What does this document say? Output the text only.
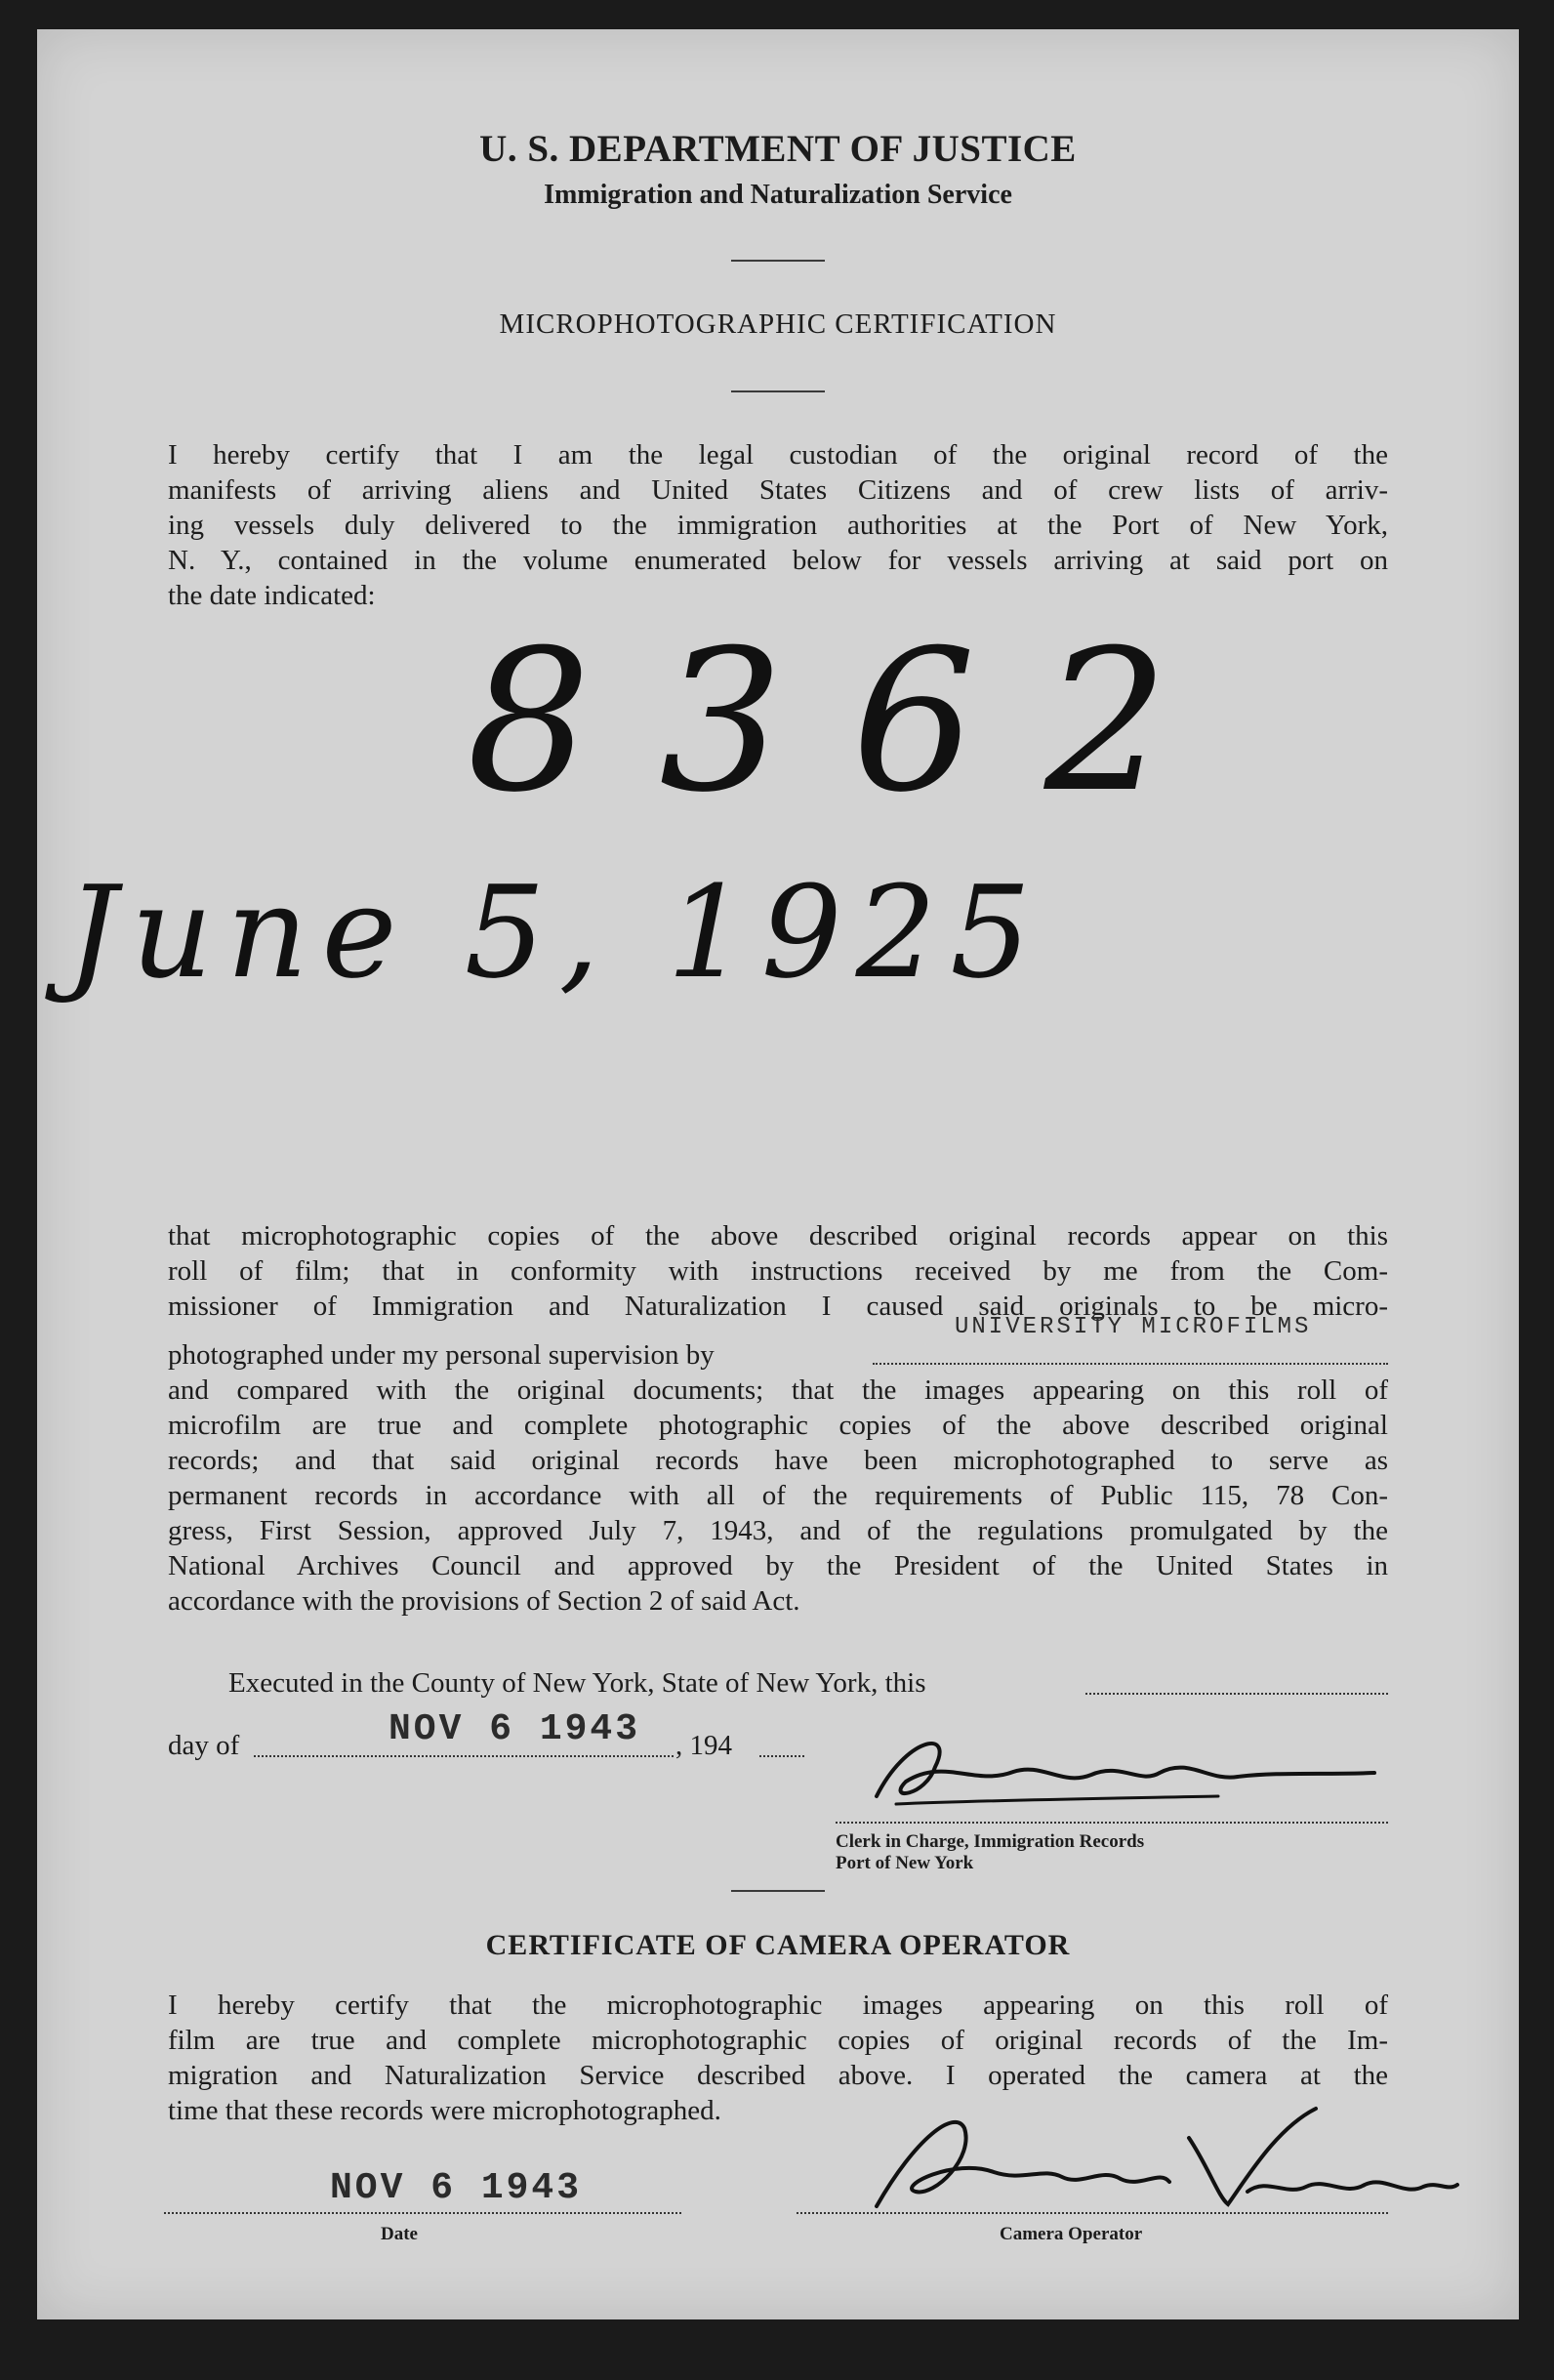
U. S. DEPARTMENT OF JUSTICE
Immigration and Naturalization Service
MICROPHOTOGRAPHIC CERTIFICATION
I hereby certify that I am the legal custodian of the original record of the
manifests of arriving aliens and United States Citizens and of crew lists of arriv-
ing vessels duly delivered to the immigration authorities at the Port of New York,
N. Y., contained in the volume enumerated below for vessels arriving at said port on
the date indicated:
8362
June 5, 1925
that microphotographic copies of the above described original records appear on this
roll of film; that in conformity with instructions received by me from the Com-
missioner of Immigration and Naturalization I caused said originals to be micro-
photographed under my personal supervision by
UNIVERSITY MICROFILMS
and compared with the original documents; that the images appearing on this roll of
microfilm are true and complete photographic copies of the above described original
records; and that said original records have been microphotographed to serve as
permanent records in accordance with all of the requirements of Public 115, 78 Con-
gress, First Session, approved July 7, 1943, and of the regulations promulgated by the
National Archives Council and approved by the President of the United States in
accordance with the provisions of Section 2 of said Act.
Executed in the County of New York, State of New York, this
day of	NOV 6 1943 , 194
Clerk in Charge, Immigration Records
Port of New York
CERTIFICATE OF CAMERA OPERATOR
I hereby certify that the microphotographic images appearing on this roll of
film are true and complete microphotographic copies of original records of the Im-
migration and Naturalization Service described above. I operated the camera at the
time that these records were microphotographed.
NOV 6 1943
Date	Camera Operator
